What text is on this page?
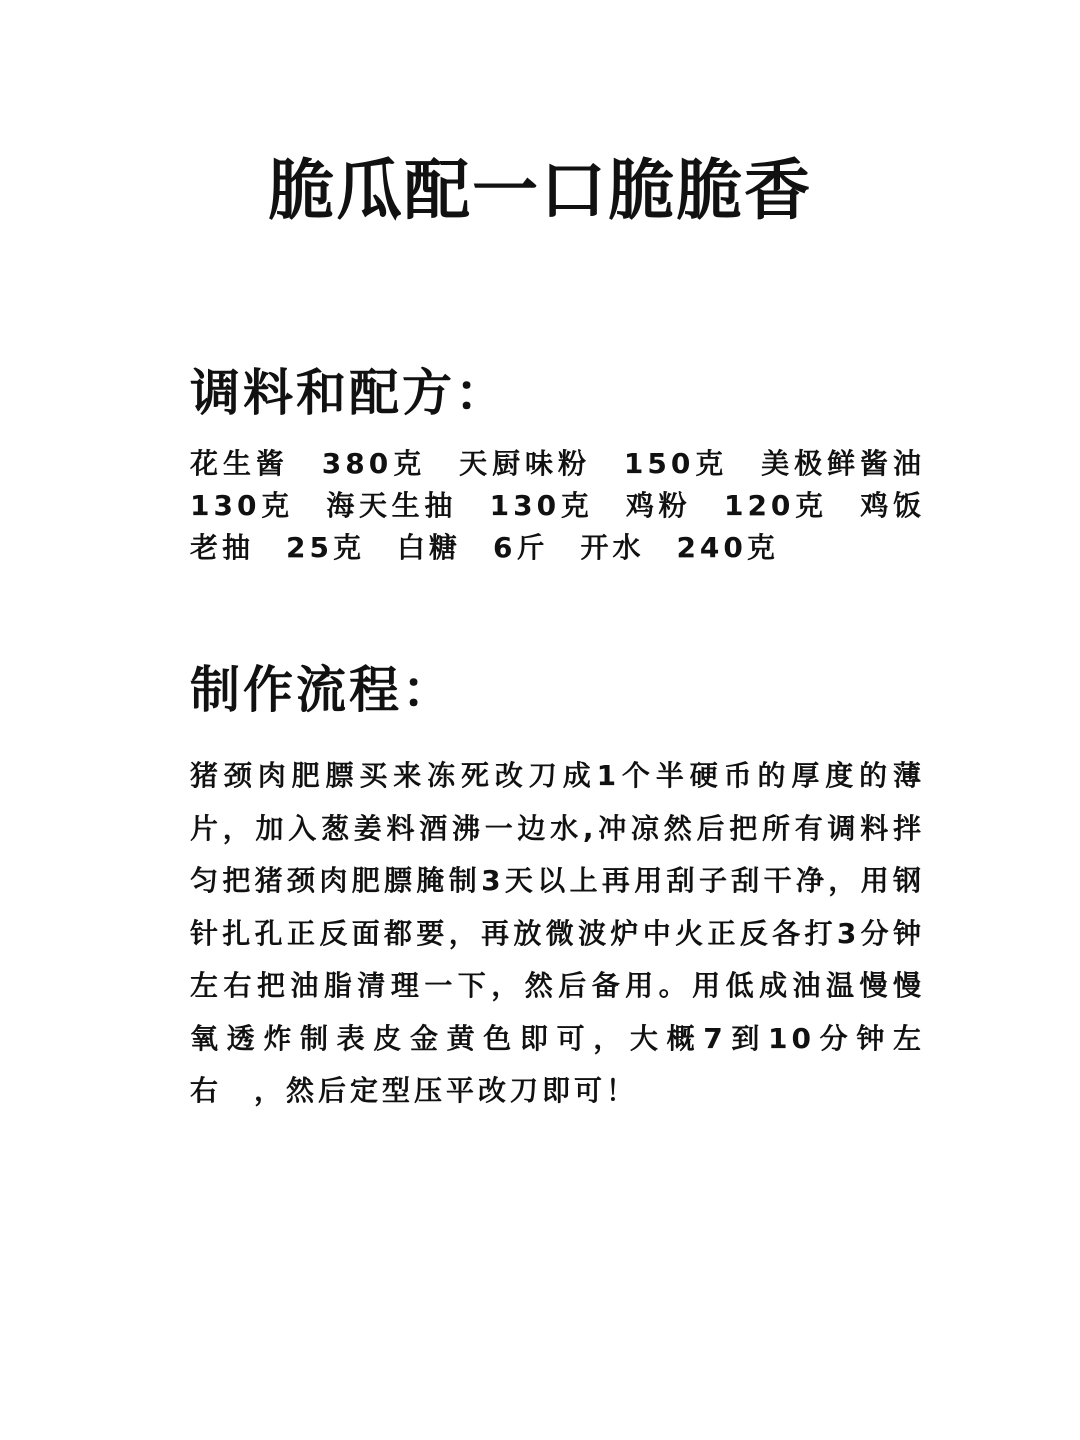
脆瓜配一口脆脆香
调料和配方：

花生酱　380克　天厨味粉　150克　美极鲜酱油130克　海天生抽　130克　鸡粉　120克　鸡饭老抽　25克　白糖　6斤　开水　240克

制作流程：

猪颈肉肥膘买来冻死改刀成1个半硬币的厚度的薄片，加入葱姜料酒沸一边水,冲凉然后把所有调料拌匀把猪颈肉肥膘腌制3天以上再用刮子刮干净，用钢针扎孔正反面都要，再放微波炉中火正反各打3分钟左右把油脂清理一下，然后备用。用低成油温慢慢氧透炸制表皮金黄色即可，大概7到10分钟左右　，然后定型压平改刀即可！
